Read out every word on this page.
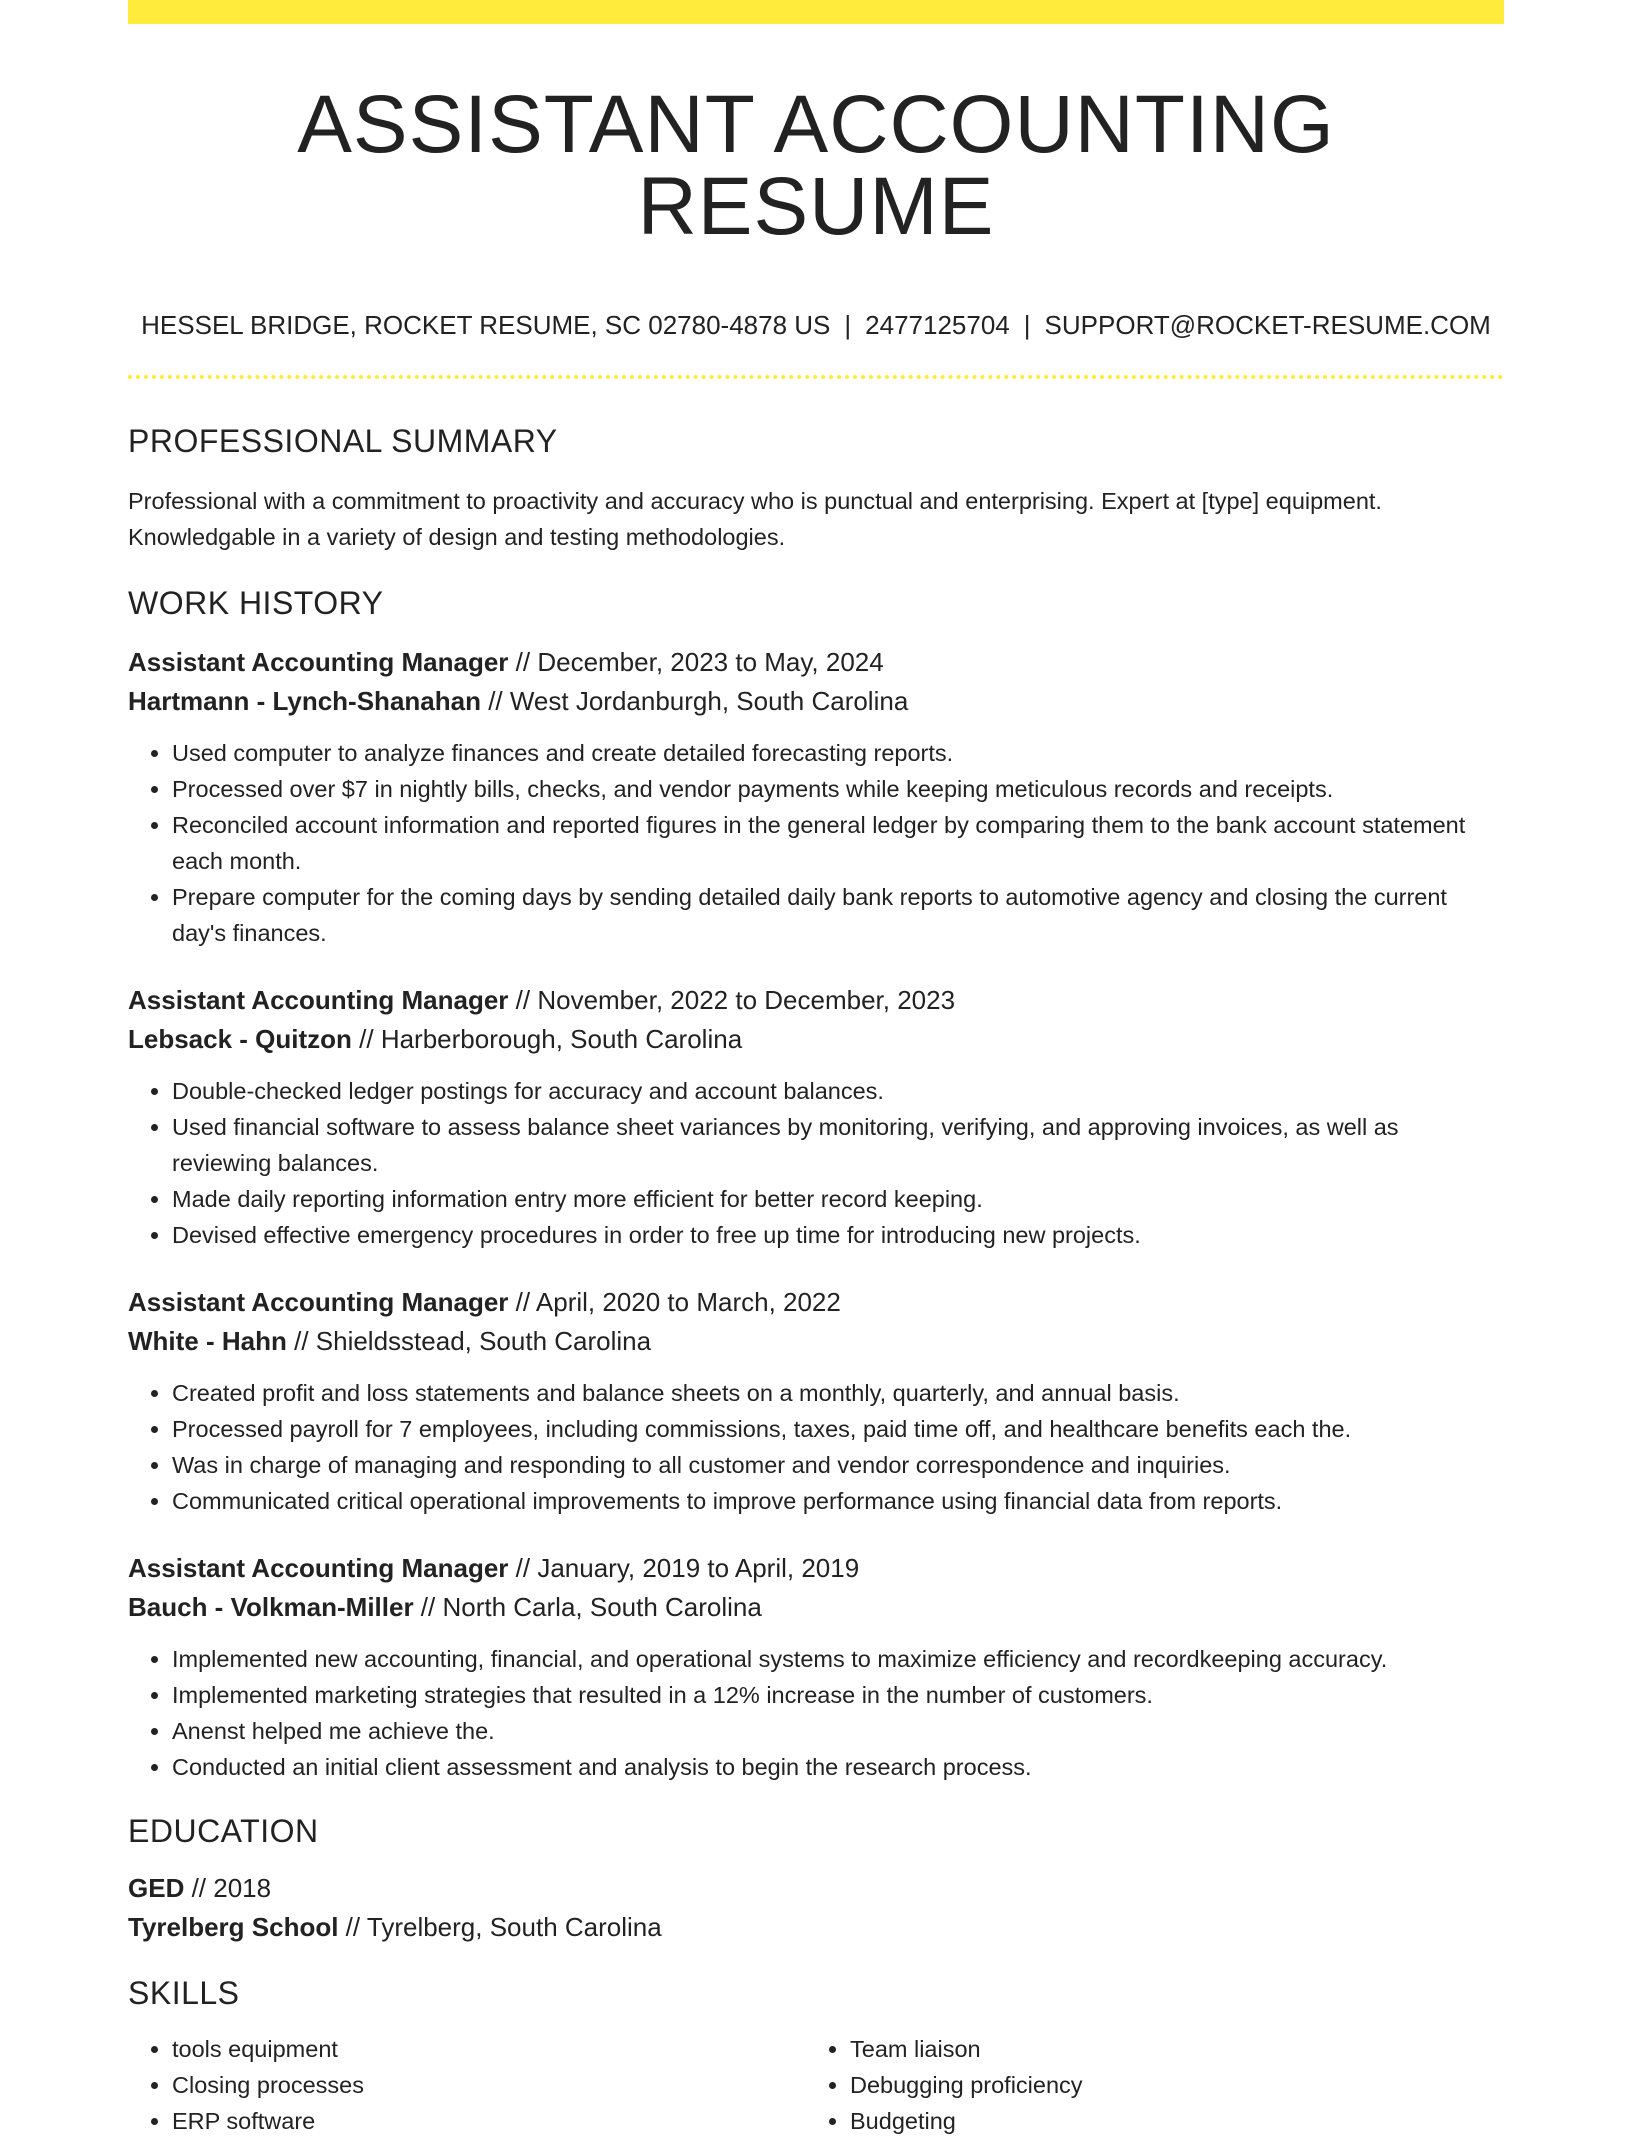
ASSISTANT ACCOUNTING RESUME
HESSEL BRIDGE, ROCKET RESUME, SC 02780-4878 US | 2477125704 | SUPPORT@ROCKET-RESUME.COM
PROFESSIONAL SUMMARY

Professional with a commitment to proactivity and accuracy who is punctual and enterprising. Expert at [type] equipment. Knowledgable in a variety of design and testing methodologies.

WORK HISTORY
Assistant Accounting Manager // December, 2023 to May, 2024
Hartmann - Lynch-Shanahan // West Jordanburgh, South Carolina
• Used computer to analyze finances and create detailed forecasting reports.
• Processed over $7 in nightly bills, checks, and vendor payments while keeping meticulous records and receipts.
• Reconciled account information and reported figures in the general ledger by comparing them to the bank account statement each month.
• Prepare computer for the coming days by sending detailed daily bank reports to automotive agency and closing the current day's finances.
Assistant Accounting Manager // November, 2022 to December, 2023
Lebsack - Quitzon // Harberborough, South Carolina
• Double-checked ledger postings for accuracy and account balances.
• Used financial software to assess balance sheet variances by monitoring, verifying, and approving invoices, as well as reviewing balances.
• Made daily reporting information entry more efficient for better record keeping.
• Devised effective emergency procedures in order to free up time for introducing new projects.
Assistant Accounting Manager // April, 2020 to March, 2022
White - Hahn // Shieldsstead, South Carolina
• Created profit and loss statements and balance sheets on a monthly, quarterly, and annual basis.
• Processed payroll for 7 employees, including commissions, taxes, paid time off, and healthcare benefits each the.
• Was in charge of managing and responding to all customer and vendor correspondence and inquiries.
• Communicated critical operational improvements to improve performance using financial data from reports.
Assistant Accounting Manager // January, 2019 to April, 2019
Bauch - Volkman-Miller // North Carla, South Carolina
• Implemented new accounting, financial, and operational systems to maximize efficiency and recordkeeping accuracy.
• Implemented marketing strategies that resulted in a 12% increase in the number of customers.
• Anenst helped me achieve the.
• Conducted an initial client assessment and analysis to begin the research process.
EDUCATION
GED // 2018
Tyrelberg School // Tyrelberg, South Carolina
SKILLS
• tools equipment
• Closing processes
• ERP software
• Team liaison
• Debugging proficiency
• Budgeting
